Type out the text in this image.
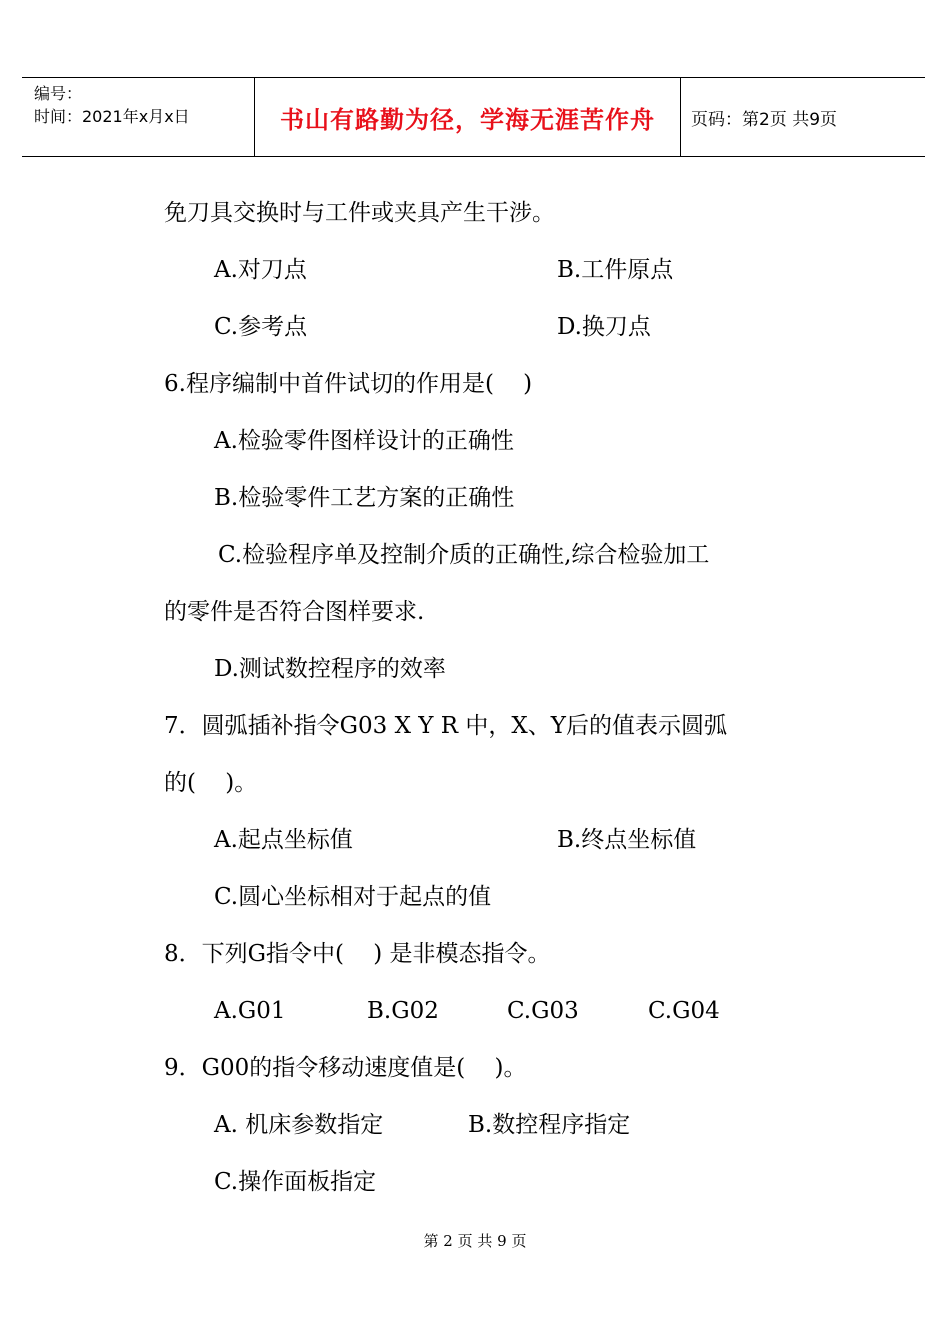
编号：
时间：2021年x月x日	书山有路勤为径，学海无涯苦作舟	页码：第2页 共9页
免刀具交换时与工件或夹具产生干涉。
A.对刀点	B.工件原点
C.参考点	D.换刀点
6.程序编制中首件试切的作用是(    )
A.检验零件图样设计的正确性
B.检验零件工艺方案的正确性
C.检验程序单及控制介质的正确性,综合检验加工
的零件是否符合图样要求.
D.测试数控程序的效率
7．圆弧插补指令G03 X Y R 中，X、Y后的值表示圆弧
的(    )。
A.起点坐标值	B.终点坐标值
C.圆心坐标相对于起点的值
8．下列G指令中(    ) 是非模态指令。
A.G01	B.G02	C.G03	C.G04
9．G00的指令移动速度值是(    )。
A. 机床参数指定	B.数控程序指定
C.操作面板指定
第 2 页 共 9 页
